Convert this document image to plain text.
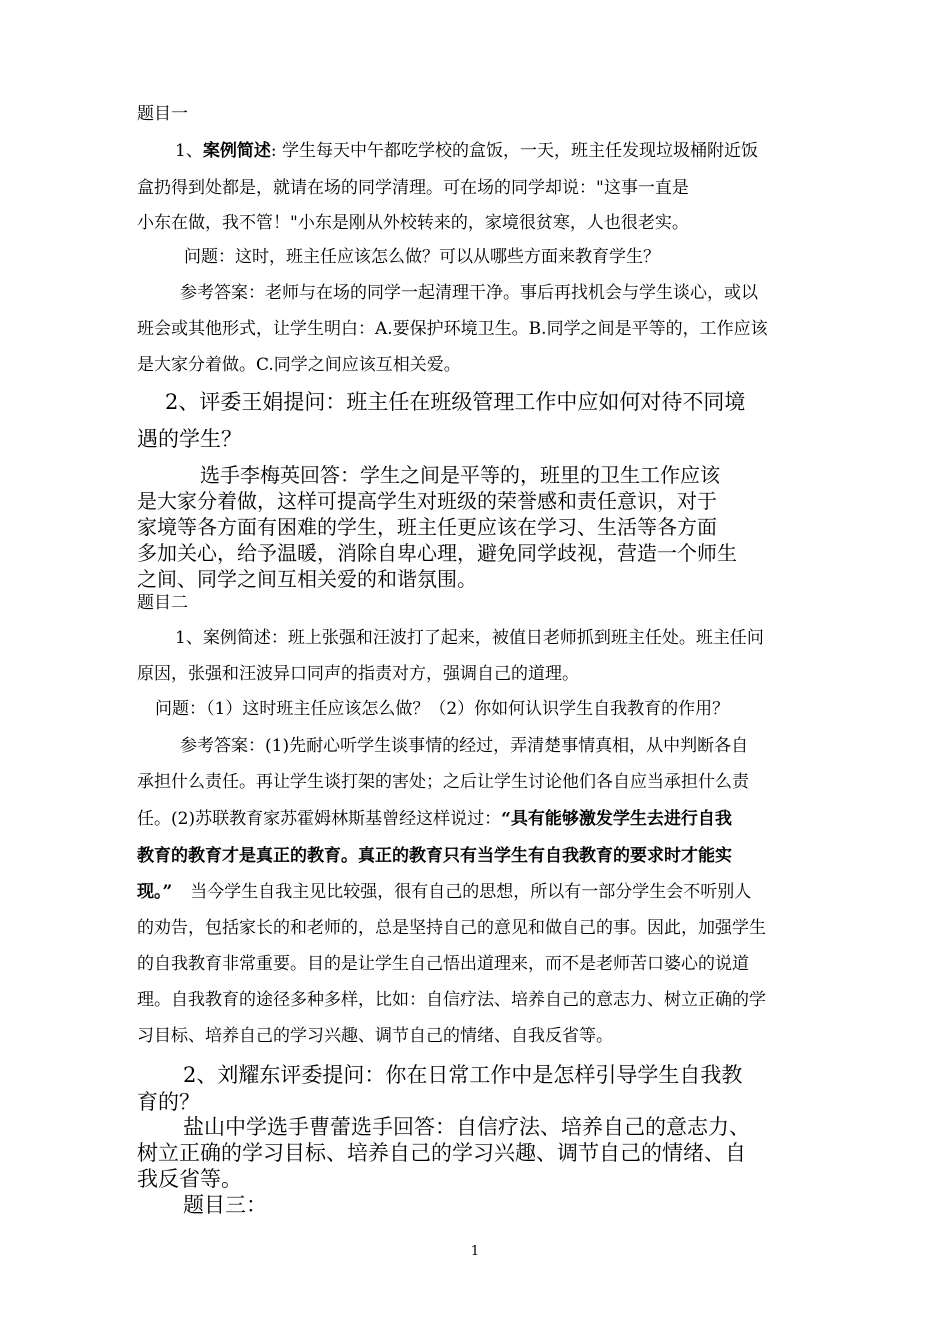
题目一
1、案例简述: 学生每天中午都吃学校的盒饭，一天，班主任发现垃圾桶附近饭
盒扔得到处都是，就请在场的同学清理。可在场的同学却说："这事一直是
小东在做，我不管！"小东是刚从外校转来的，家境很贫寒，人也很老实。
问题：这时，班主任应该怎么做？可以从哪些方面来教育学生？
参考答案：老师与在场的同学一起清理干净。事后再找机会与学生谈心，或以
班会或其他形式，让学生明白：A.要保护环境卫生。B.同学之间是平等的，工作应该
是大家分着做。C.同学之间应该互相关爱。
2、评委王娟提问：班主任在班级管理工作中应如何对待不同境
遇的学生？
选手李梅英回答：学生之间是平等的，班里的卫生工作应该
是大家分着做，这样可提高学生对班级的荣誉感和责任意识，对于
家境等各方面有困难的学生，班主任更应该在学习、生活等各方面
多加关心，给予温暖，消除自卑心理，避免同学歧视，营造一个师生
之间、同学之间互相关爱的和谐氛围。
题目二
1、案例简述：班上张强和汪波打了起来，被值日老师抓到班主任处。班主任问
原因，张强和汪波异口同声的指责对方，强调自己的道理。
问题：（1）这时班主任应该怎么做？（2）你如何认识学生自我教育的作用？
参考答案：(1)先耐心听学生谈事情的经过，弄清楚事情真相，从中判断各自
承担什么责任。再让学生谈打架的害处；之后让学生讨论他们各自应当承担什么责
任。(2)苏联教育家苏霍姆林斯基曾经这样说过：“具有能够激发学生去进行自我
教育的教育才是真正的教育。真正的教育只有当学生有自我教育的要求时才能实
现。” 当今学生自我主见比较强，很有自己的思想，所以有一部分学生会不听别人
的劝告，包括家长的和老师的，总是坚持自己的意见和做自己的事。因此，加强学生
的自我教育非常重要。目的是让学生自己悟出道理来，而不是老师苦口婆心的说道
理。自我教育的途径多种多样，比如：自信疗法、培养自己的意志力、树立正确的学
习目标、培养自己的学习兴趣、调节自己的情绪、自我反省等。
2、刘耀东评委提问：你在日常工作中是怎样引导学生自我教
育的？
盐山中学选手曹蕾选手回答：自信疗法、培养自己的意志力、
树立正确的学习目标、培养自己的学习兴趣、调节自己的情绪、自
我反省等。
题目三：
1
